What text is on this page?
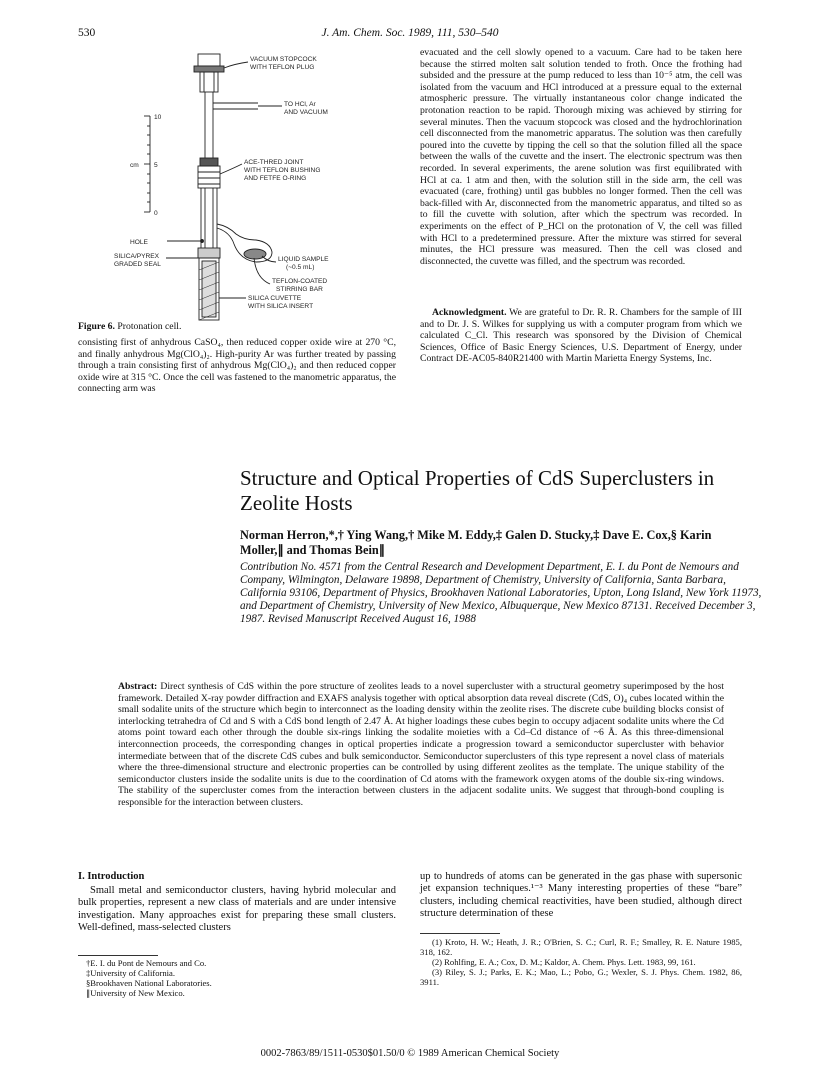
530	J. Am. Chem. Soc. 1989, 111, 530–540
VACUUM STOPCOCK
WITH TEFLON PLUG
TO HCl, Ar
AND VACUUM
ACE-THRED JOINT
WITH TEFLON BUSHING
AND FETFE O-RING
HOLE
SILICA/PYREX
GRADED SEAL
LIQUID SAMPLE
(~0.5 mL)
TEFLON-COATED
STIRRING BAR
SILICA CUVETTE
WITH SILICA INSERT
10
5
0
cm
Figure 6. Protonation cell.
consisting first of anhydrous CaSO₄, then reduced copper oxide wire at 270 °C, and finally anhydrous Mg(ClO₄)₂. High-purity Ar was further treated by passing through a train consisting first of anhydrous Mg(ClO₄)₂ and then reduced copper oxide wire at 315 °C. Once the cell was fastened to the manometric apparatus, the connecting arm was
evacuated and the cell slowly opened to a vacuum. Care had to be taken here because the stirred molten salt solution tended to froth. Once the frothing had subsided and the pressure at the pump reduced to less than 10⁻⁵ atm, the cell was isolated from the vacuum and HCl introduced at a pressure equal to the external atmospheric pressure. The virtually instantaneous color change indicated the protonation reaction to be rapid. Thorough mixing was achieved by stirring for several minutes. Then the vacuum stopcock was closed and the hydrochlorination cell disconnected from the manometric apparatus. The solution was then carefully poured into the cuvette by tipping the cell so that the solution filled all the space between the walls of the cuvette and the insert. The electronic spectrum was then recorded. In several experiments, the arene solution was first equilibrated with HCl at ca. 1 atm and then, with the solution still in the side arm, the cell was evacuated (care, frothing) until gas bubbles no longer formed. Then the cell was back-filled with Ar, disconnected from the manometric apparatus, and tilted so as to fill the cuvette with solution, after which the spectrum was recorded. In experiments on the effect of P_HCl on the protonation of V, the cell was filled with HCl to a predetermined pressure. After the mixture was stirred for several minutes, the HCl pressure was measured. Then the cell was closed and disconnected, the cuvette was filled, and the spectrum was recorded.
Acknowledgment. We are grateful to Dr. R. R. Chambers for the sample of III and to Dr. J. S. Wilkes for supplying us with a computer program from which we calculated C_Cl. This research was sponsored by the Division of Chemical Sciences, Office of Basic Energy Sciences, U.S. Department of Energy, under Contract DE-AC05-840R21400 with Martin Marietta Energy Systems, Inc.
Structure and Optical Properties of CdS Superclusters in Zeolite Hosts
Norman Herron,*,† Ying Wang,† Mike M. Eddy,‡ Galen D. Stucky,‡ Dave E. Cox,§ Karin Moller,∥ and Thomas Bein∥
Contribution No. 4571 from the Central Research and Development Department, E. I. du Pont de Nemours and Company, Wilmington, Delaware 19898, Department of Chemistry, University of California, Santa Barbara, California 93106, Department of Physics, Brookhaven National Laboratories, Upton, Long Island, New York 11973, and Department of Chemistry, University of New Mexico, Albuquerque, New Mexico 87131. Received December 3, 1987. Revised Manuscript Received August 16, 1988
Abstract: Direct synthesis of CdS within the pore structure of zeolites leads to a novel supercluster with a structural geometry superimposed by the host framework. Detailed X-ray powder diffraction and EXAFS analysis together with optical absorption data reveal discrete (CdS, O)₄ cubes located within the small sodalite units of the structure which begin to interconnect as the loading density within the zeolite rises. The discrete cube building blocks consist of interlocking tetrahedra of Cd and S with a CdS bond length of 2.47 Å. At higher loadings these cubes begin to occupy adjacent sodalite units where the Cd atoms point toward each other through the double six-rings linking the sodalite moieties with a Cd–Cd distance of ~6 Å. As this three-dimensional interconnection proceeds, the corresponding changes in optical properties indicate a progression toward a semiconductor supercluster with behavior intermediate between that of the discrete CdS cubes and bulk semiconductor. Semiconductor superclusters of this type represent a novel class of materials where the three-dimensional structure and electronic properties can be controlled by using different zeolites as the template. The unique stability of the semiconductor clusters inside the sodalite units is due to the coordination of Cd atoms with the framework oxygen atoms of the double six-ring windows. The stability of the supercluster comes from the interaction between clusters in the adjacent sodalite units. We suggest that through-bond coupling is responsible for the interaction between clusters.
I. Introduction

Small metal and semiconductor clusters, having hybrid molecular and bulk properties, represent a new class of materials and are under intensive investigation. Many approaches exist for preparing these small clusters. Well-defined, mass-selected clusters

up to hundreds of atoms can be generated in the gas phase with supersonic jet expansion techniques.¹⁻³ Many interesting properties of these “bare” clusters, including chemical reactivities, have been studied, although direct structure determination of these
†E. I. du Pont de Nemours and Co.
‡University of California.
§Brookhaven National Laboratories.
∥University of New Mexico.
(1) Kroto, H. W.; Heath, J. R.; O'Brien, S. C.; Curl, R. F.; Smalley, R. E. Nature 1985, 318, 162.
(2) Rohlfing, E. A.; Cox, D. M.; Kaldor, A. Chem. Phys. Lett. 1983, 99, 161.
(3) Riley, S. J.; Parks, E. K.; Mao, L.; Pobo, G.; Wexler, S. J. Phys. Chem. 1982, 86, 3911.
0002-7863/89/1511-0530$01.50/0 © 1989 American Chemical Society
